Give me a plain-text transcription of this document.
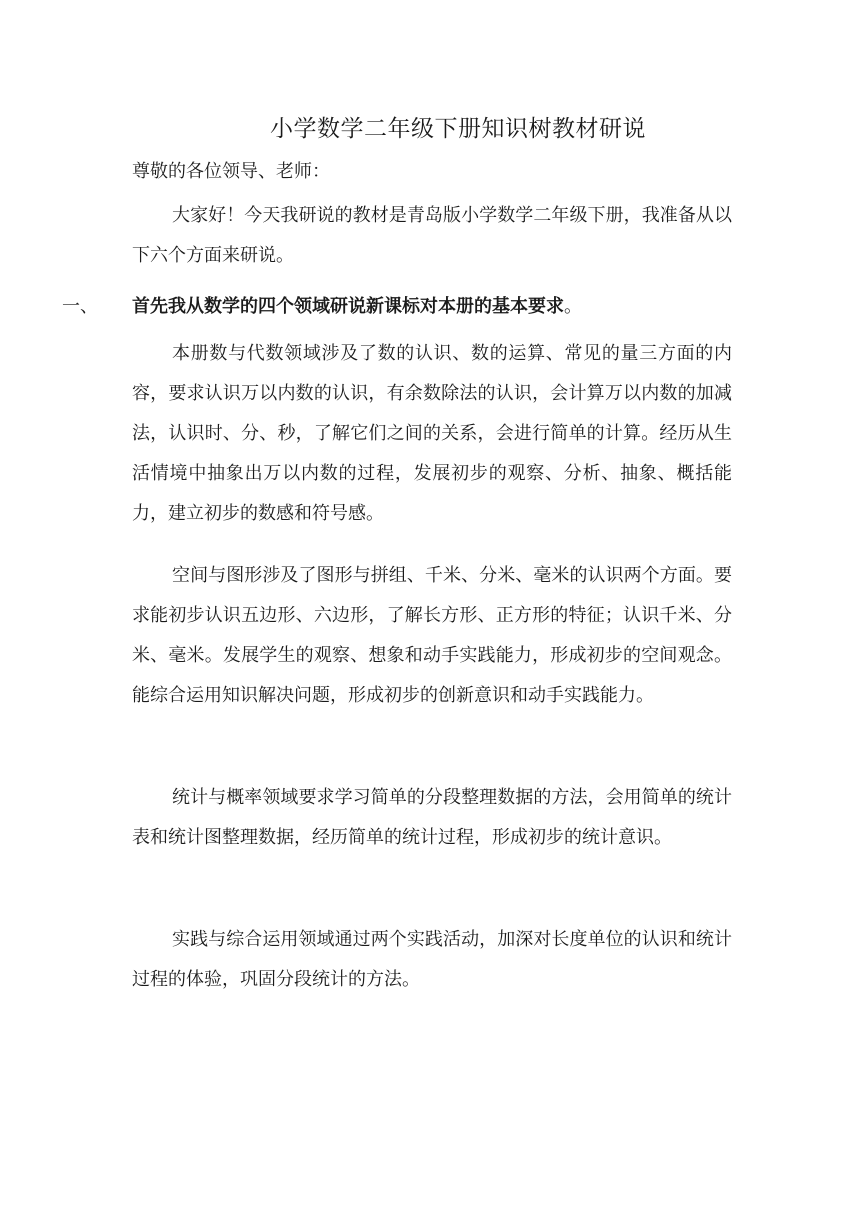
小学数学二年级下册知识树教材研说
尊敬的各位领导、老师：

大家好！今天我研说的教材是青岛版小学数学二年级下册，我准备从以下六个方面来研说。

一、 首先我从数学的四个领域研说新课标对本册的基本要求。

本册数与代数领域涉及了数的认识、数的运算、常见的量三方面的内容，要求认识万以内数的认识，有余数除法的认识，会计算万以内数的加减法，认识时、分、秒，了解它们之间的关系，会进行简单的计算。经历从生活情境中抽象出万以内数的过程，发展初步的观察、分析、抽象、概括能力，建立初步的数感和符号感。

空间与图形涉及了图形与拼组、千米、分米、毫米的认识两个方面。要求能初步认识五边形、六边形，了解长方形、正方形的特征；认识千米、分米、毫米。发展学生的观察、想象和动手实践能力，形成初步的空间观念。能综合运用知识解决问题，形成初步的创新意识和动手实践能力。

统计与概率领域要求学习简单的分段整理数据的方法，会用简单的统计表和统计图整理数据，经历简单的统计过程，形成初步的统计意识。

实践与综合运用领域通过两个实践活动，加深对长度单位的认识和统计过程的体验，巩固分段统计的方法。
